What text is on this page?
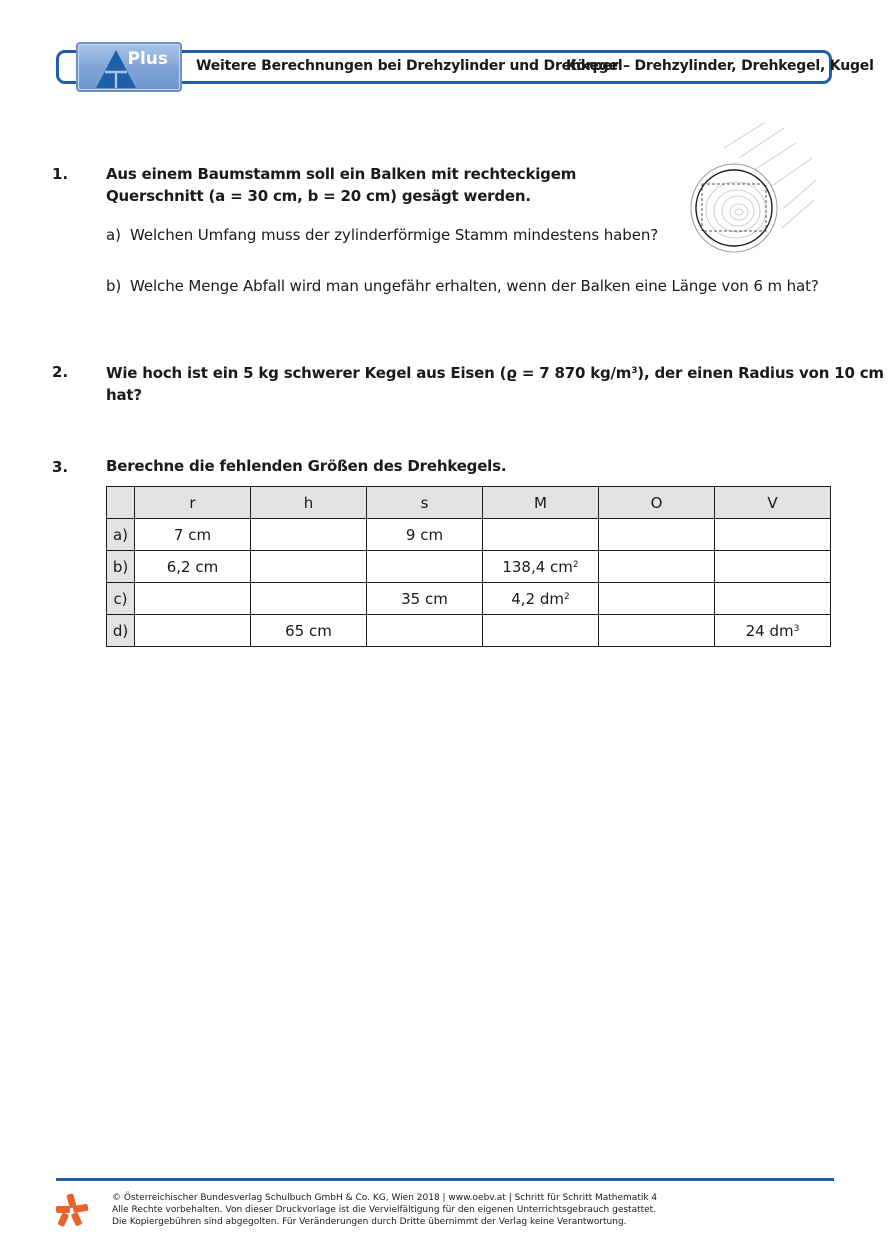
Plus Weitere Berechnungen bei Drehzylinder und Drehkegel
Körper – Drehzylinder, Drehkegel, Kugel
1.	Aus einem Baumstamm soll ein Balken mit rechteckigem
Querschnitt (a = 30 cm, b = 20 cm) gesägt werden.
a) Welchen Umfang muss der zylinderförmige Stamm mindestens haben?
b) Welche Menge Abfall wird man ungefähr erhalten, wenn der Balken eine Länge von 6 m hat?
2.	Wie hoch ist ein 5 kg schwerer Kegel aus Eisen (ϱ = 7 870 $kg/m^3$), der einen Radius von 10 cm hat?
3.	Berechne die fehlenden Größen des Drehkegels.
	r	h	s	M	O	V
a)	7 cm		9 cm			
b)	6,2 cm			138,4 $cm^2$		
c)			35 cm	4,2 $dm^2$		
d)		65 cm				24 $dm^3$
© Österreichischer Bundesverlag Schulbuch GmbH & Co. KG, Wien 2018 | www.oebv.at | Schritt für Schritt Mathematik 4
Alle Rechte vorbehalten. Von dieser Druckvorlage ist die Vervielfältigung für den eigenen Unterrichtsgebrauch gestattet.
Die Kopiergebühren sind abgegolten. Für Veränderungen durch Dritte übernimmt der Verlag keine Verantwortung.
